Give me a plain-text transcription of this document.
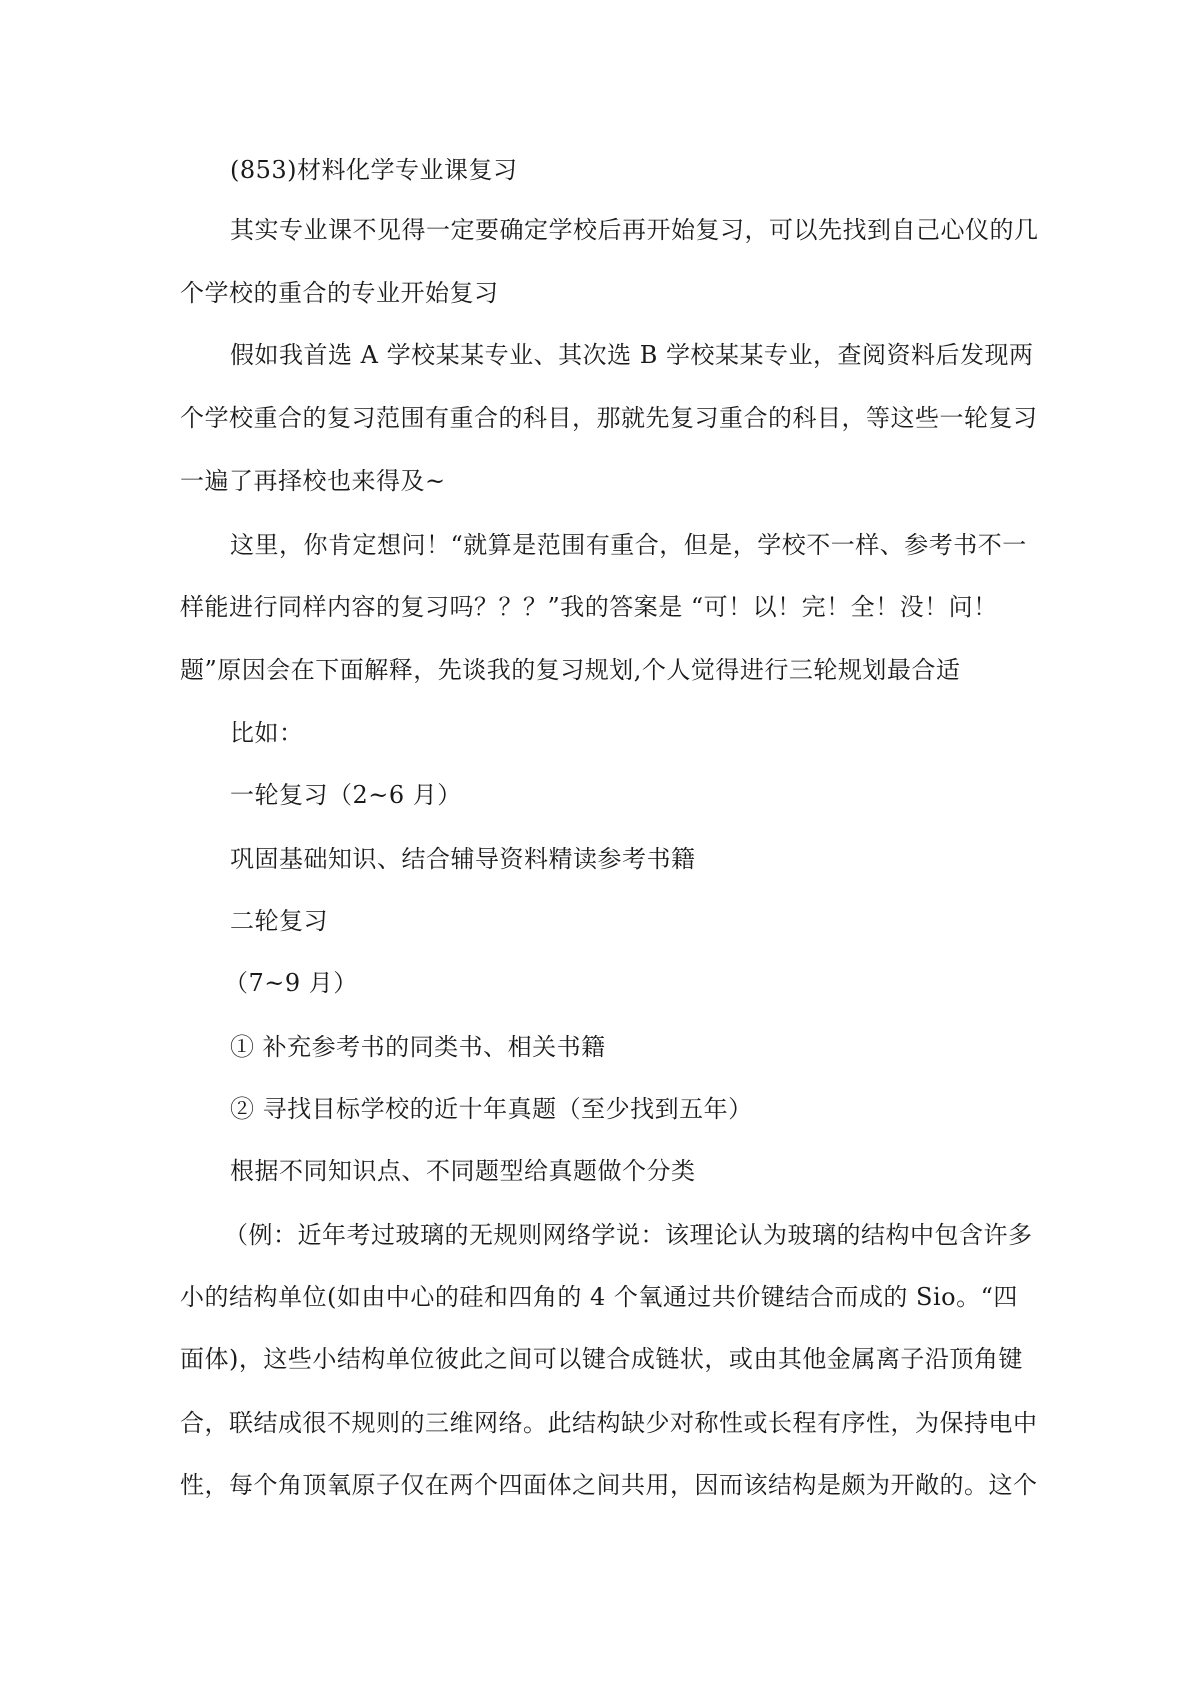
(853)材料化学专业课复习
其实专业课不见得一定要确定学校后再开始复习，可以先找到自己心仪的几
个学校的重合的专业开始复习
假如我首选 A 学校某某专业、其次选 B 学校某某专业，查阅资料后发现两
个学校重合的复习范围有重合的科目，那就先复习重合的科目，等这些一轮复习
一遍了再择校也来得及~
这里，你肯定想问！“就算是范围有重合，但是，学校不一样、参考书不一
样能进行同样内容的复习吗？？？”我的答案是 “可！以！完！全！没！问！
题”原因会在下面解释，先谈我的复习规划,个人觉得进行三轮规划最合适
比如：
一轮复习（2~6 月）
巩固基础知识、结合辅导资料精读参考书籍
二轮复习
（7~9 月）
① 补充参考书的同类书、相关书籍
② 寻找目标学校的近十年真题（至少找到五年）
根据不同知识点、不同题型给真题做个分类
（例：近年考过玻璃的无规则网络学说：该理论认为玻璃的结构中包含许多
小的结构单位(如由中心的硅和四角的 4 个氧通过共价键结合而成的 Sio。“四
面体)，这些小结构单位彼此之间可以键合成链状，或由其他金属离子沿顶角键
合，联结成很不规则的三维网络。此结构缺少对称性或长程有序性，为保持电中
性，每个角顶氧原子仅在两个四面体之间共用，因而该结构是颇为开敞的。这个
